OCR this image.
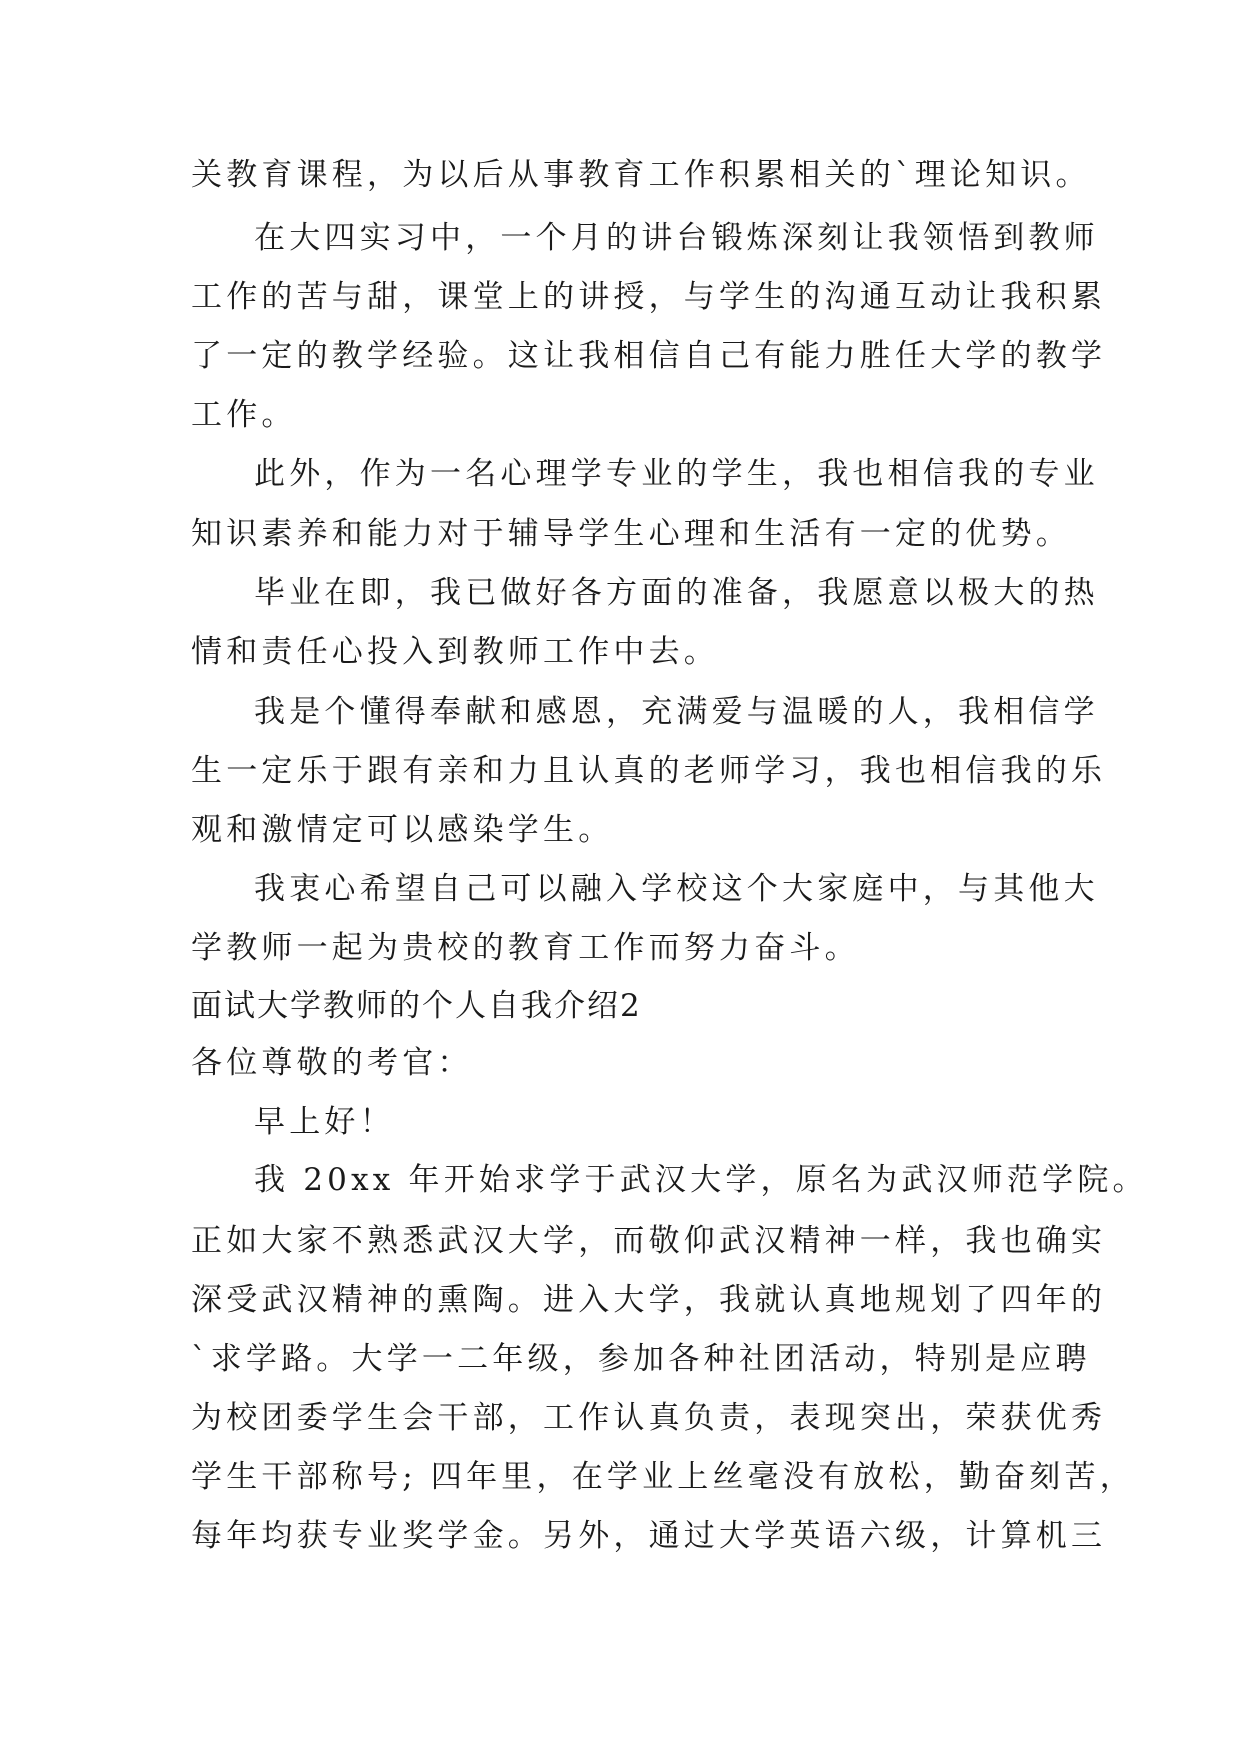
关教育课程，为以后从事教育工作积累相关的`理论知识。
在大四实习中，一个月的讲台锻炼深刻让我领悟到教师
工作的苦与甜，课堂上的讲授，与学生的沟通互动让我积累
了一定的教学经验。这让我相信自己有能力胜任大学的教学
工作。
此外，作为一名心理学专业的学生，我也相信我的专业
知识素养和能力对于辅导学生心理和生活有一定的优势。
毕业在即，我已做好各方面的准备，我愿意以极大的热
情和责任心投入到教师工作中去。
我是个懂得奉献和感恩，充满爱与温暖的人，我相信学
生一定乐于跟有亲和力且认真的老师学习，我也相信我的乐
观和激情定可以感染学生。
我衷心希望自己可以融入学校这个大家庭中，与其他大
学教师一起为贵校的教育工作而努力奋斗。
面试大学教师的个人自我介绍2
各位尊敬的考官：
早上好！
我 20xx 年开始求学于武汉大学，原名为武汉师范学院。
正如大家不熟悉武汉大学，而敬仰武汉精神一样，我也确实
深受武汉精神的熏陶。进入大学，我就认真地规划了四年的
`求学路。大学一二年级，参加各种社团活动，特别是应聘
为校团委学生会干部，工作认真负责，表现突出，荣获优秀
学生干部称号; 四年里，在学业上丝毫没有放松，勤奋刻苦，
每年均获专业奖学金。另外，通过大学英语六级，计算机三
